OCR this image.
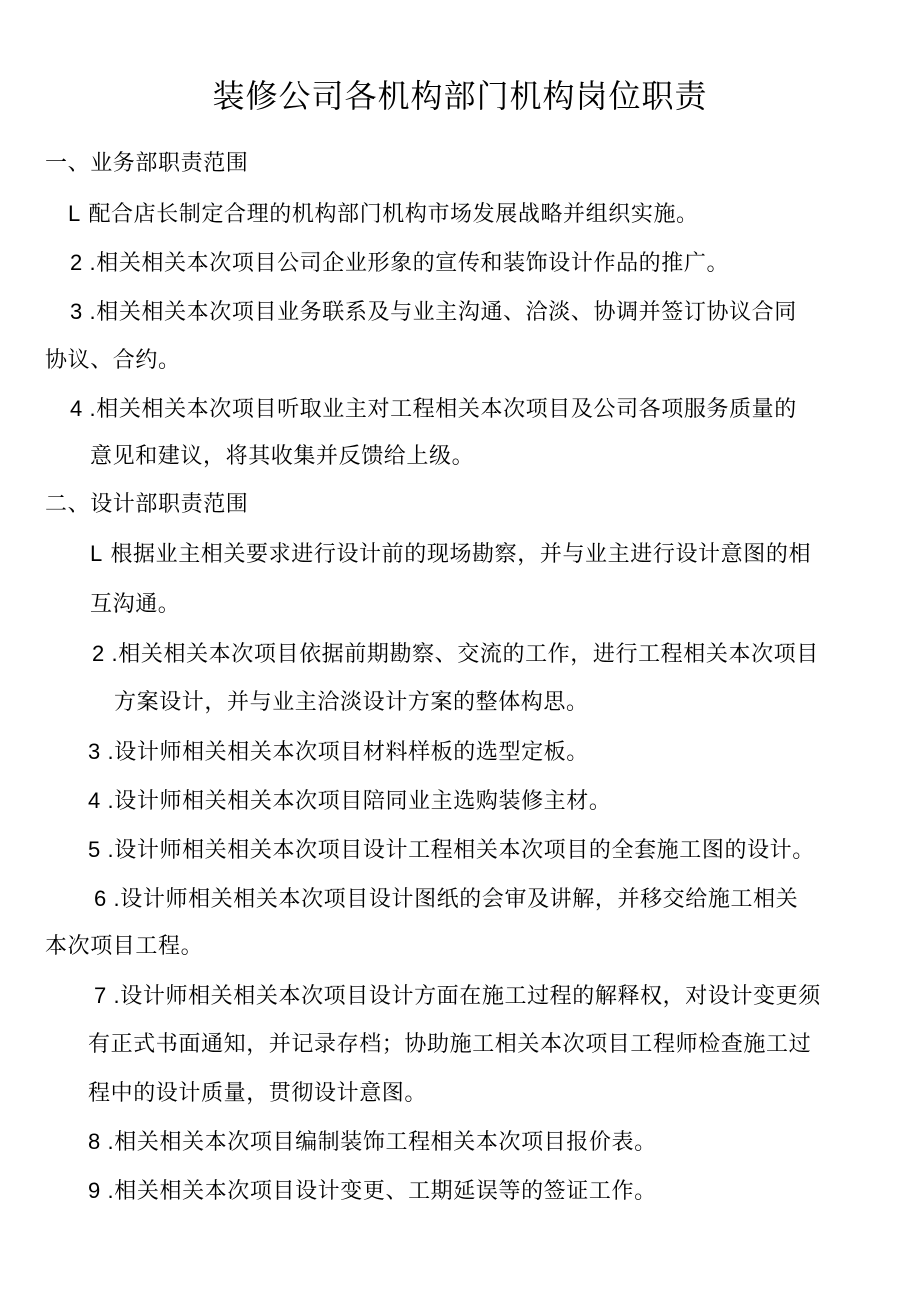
装修公司各机构部门机构岗位职责

一、业务部职责范围

L 配合店长制定合理的机构部门机构市场发展战略并组织实施。

2 .相关相关本次项目公司企业形象的宣传和装饰设计作品的推广。

3 .相关相关本次项目业务联系及与业主沟通、洽淡、协调并签订协议合同

协议、合约。

4 .相关相关本次项目听取业主对工程相关本次项目及公司各项服务质量的

意见和建议，将其收集并反馈给上级。

二、设计部职责范围

L 根据业主相关要求进行设计前的现场勘察，并与业主进行设计意图的相

互沟通。

2 .相关相关本次项目依据前期勘察、交流的工作，进行工程相关本次项目

方案设计，并与业主洽淡设计方案的整体构思。

3 .设计师相关相关本次项目材料样板的选型定板。

4 .设计师相关相关本次项目陪同业主选购装修主材。

5 .设计师相关相关本次项目设计工程相关本次项目的全套施工图的设计。

6 .设计师相关相关本次项目设计图纸的会审及讲解，并移交给施工相关

本次项目工程。

7 .设计师相关相关本次项目设计方面在施工过程的解释权，对设计变更须

有正式书面通知，并记录存档；协助施工相关本次项目工程师检查施工过

程中的设计质量，贯彻设计意图。

8 .相关相关本次项目编制装饰工程相关本次项目报价表。

9 .相关相关本次项目设计变更、工期延误等的签证工作。
